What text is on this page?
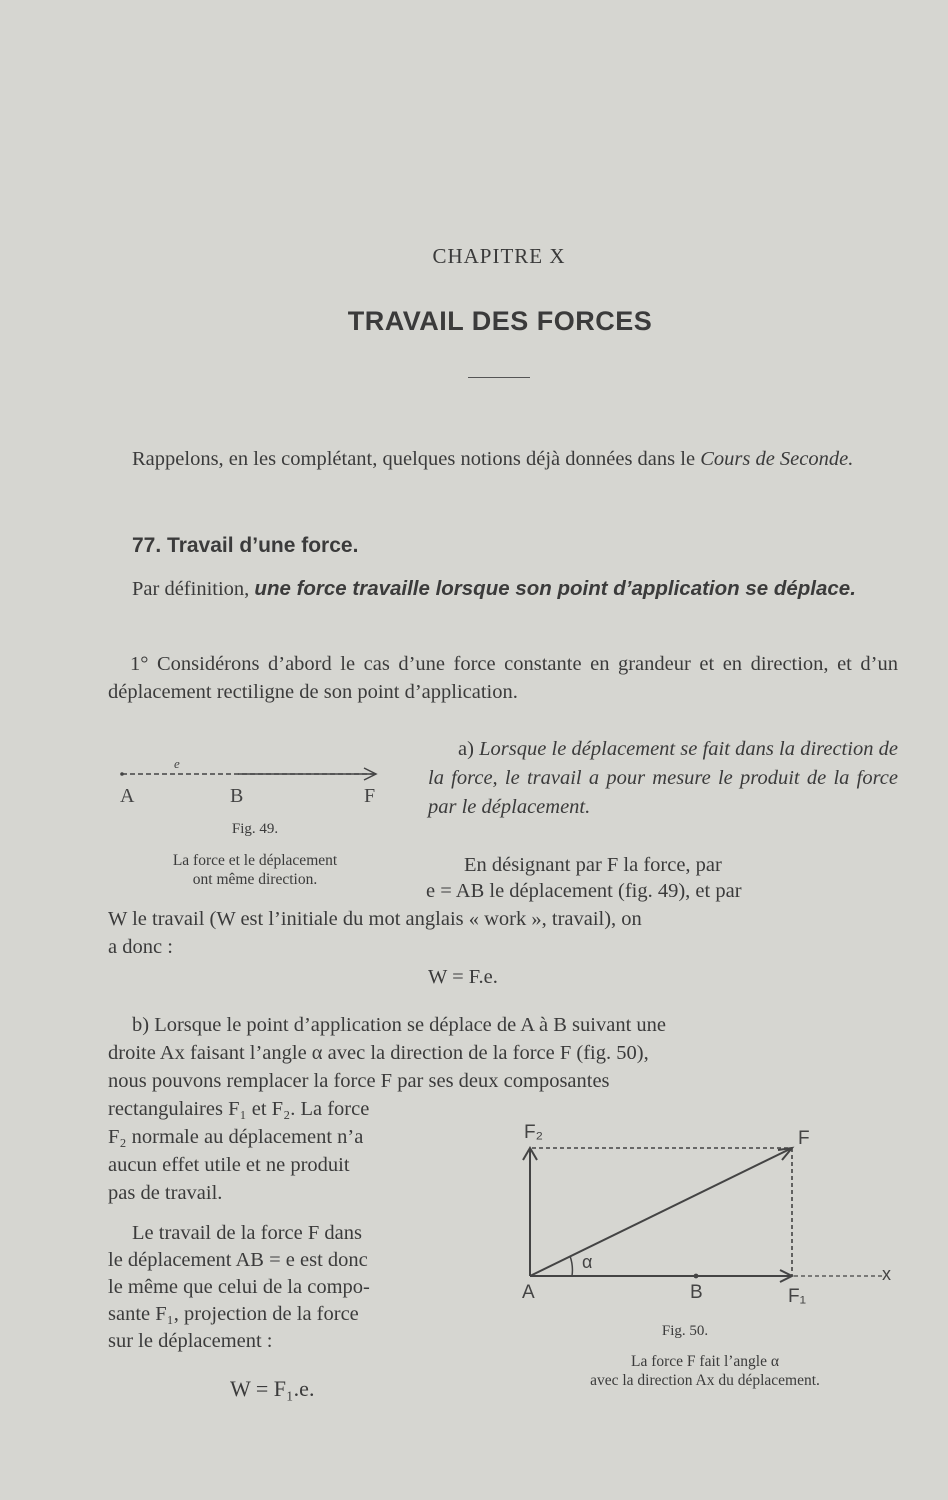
CHAPITRE X
TRAVAIL DES FORCES

Rappelons, en les complétant, quelques notions déjà données dans le Cours de Seconde.

77. Travail d’une force.

Par définition, une force travaille lorsque son point d’application se déplace.

1° Considérons d’abord le cas d’une force constante en grandeur et en direction, et d’un déplacement rectiligne de son point d’application.

e
A	B	F
Fig. 49.
La force et le déplacement
ont même direction.

a) Lorsque le déplacement se fait dans la direction de la force, le travail a pour mesure le produit de la force par le déplacement.

En désignant par F la force, par
e = AB le déplacement (fig. 49), et par
W le travail (W est l’initiale du mot anglais « work », travail), on
a donc :
W = F.e.
b) Lorsque le point d’application se déplace de A à B suivant une
droite Ax faisant l’angle α avec la direction de la force F (fig. 50),
nous pouvons remplacer la force F par ses deux composantes
rectangulaires F₁ et F₂. La force
F₂ normale au déplacement n’a
aucun effet utile et ne produit
pas de travail.
Le travail de la force F dans
le déplacement AB = e est donc
le même que celui de la compo-
sante F₁, projection de la force
sur le déplacement :
W = F₁.e.
F₂	F
α
A	B	F₁
x
Fig. 50.
La force F fait l’angle α
avec la direction Ax du déplacement.
